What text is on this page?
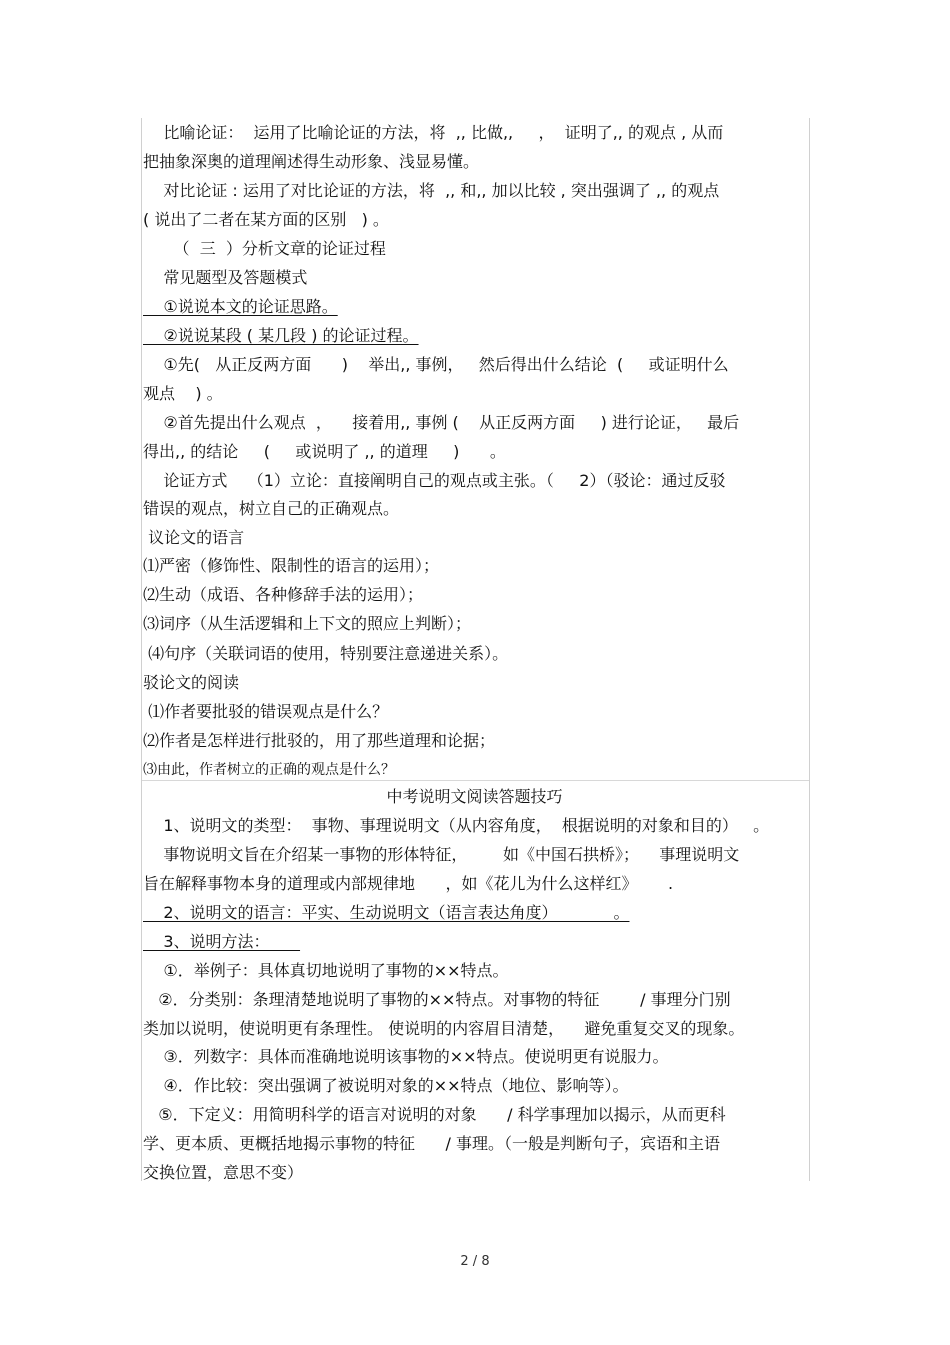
比喻论证：  运用了比喻论证的方法，将  ,, 比做,,     ，  证明了,, 的观点 , 从而
把抽象深奥的道理阐述得生动形象、浅显易懂。
对比论证 : 运用了对比论证的方法，将  ,, 和,, 加以比较 , 突出强调了 ,, 的观点
( 说出了二者在某方面的区别   ) 。
（  三  ）分析文章的论证过程
常见题型及答题模式
①说说本文的论证思路。
②说说某段 ( 某几段 ) 的论证过程。
①先(   从正反两方面      )    举出,, 事例，   然后得出什么结论  (     或证明什么
观点    ) 。
②首先提出什么观点  ，    接着用,, 事例 (    从正反两方面     ) 进行论证，   最后
得出,, 的结论     (     或说明了 ,, 的道理     )      。
论证方式    （1）立论：直接阐明自己的观点或主张。（     2）（驳论：通过反驳
错误的观点，树立自己的正确观点。
议论文的语言
⑴严密（修饰性、限制性的语言的运用）；
⑵生动（成语、各种修辞手法的运用）；
⑶词序（从生活逻辑和上下文的照应上判断）；
⑷句序（关联词语的使用，特别要注意递进关系）。
驳论文的阅读
⑴作者要批驳的错误观点是什么？
⑵作者是怎样进行批驳的，用了那些道理和论据；
⑶由此，作者树立的正确的观点是什么？
中考说明文阅读答题技巧
1、说明文的类型：  事物、事理说明文（从内容角度，  根据说明的对象和目的）   。
事物说明文旨在介绍某一事物的形体特征，       如《中国石拱桥》；    事理说明文
旨在解释事物本身的道理或内部规律地      ，如《花儿为什么这样红》      .
2、说明文的语言：平实、生动说明文（语言表达角度）           。
3、说明方法：
①．举例子：具体真切地说明了事物的××特点。
②．分类别：条理清楚地说明了事物的××特点。对事物的特征        / 事理分门别
类加以说明，使说明更有条理性。 使说明的内容眉目清楚，    避免重复交叉的现象。
③．列数字：具体而准确地说明该事物的××特点。使说明更有说服力。
④．作比较：突出强调了被说明对象的××特点（地位、影响等）。
⑤．下定义：用简明科学的语言对说明的对象      / 科学事理加以揭示，从而更科
学、更本质、更概括地揭示事物的特征      / 事理。（一般是判断句子，宾语和主语
交换位置，意思不变）
2 / 8
